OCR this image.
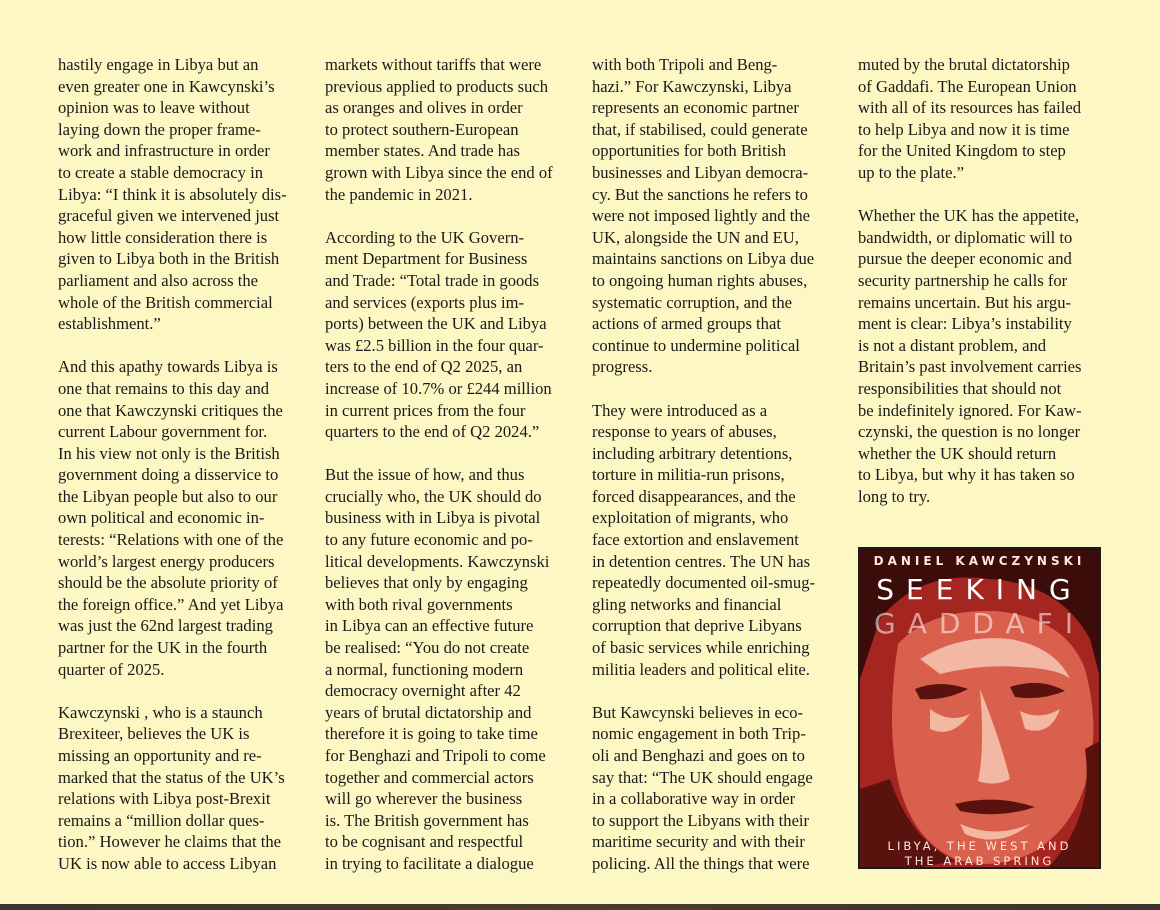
hastily engage in Libya but an
even greater one in Kawcynski’s
opinion was to leave without
laying down the proper frame-
work and infrastructure in order
to create a stable democracy in
Libya: “I think it is absolutely dis-
graceful given we intervened just
how little consideration there is
given to Libya both in the British
parliament and also across the
whole of the British commercial
establishment.”

And this apathy towards Libya is
one that remains to this day and
one that Kawczynski critiques the
current Labour government for.
In his view not only is the British
government doing a disservice to
the Libyan people but also to our
own political and economic in-
terests: “Relations with one of the
world’s largest energy producers
should be the absolute priority of
the foreign office.” And yet Libya
was just the 62nd largest trading
partner for the UK in the fourth
quarter of 2025.

Kawczynski , who is a staunch
Brexiteer, believes the UK is
missing an opportunity and re-
marked that the status of the UK’s
relations with Libya post-Brexit
remains a “million dollar ques-
tion.” However he claims that the
UK is now able to access Libyan

markets without tariffs that were
previous applied to products such
as oranges and olives in order
to protect southern-European
member states. And trade has
grown with Libya since the end of
the pandemic in 2021.

According to the UK Govern-
ment Department for Business
and Trade: “Total trade in goods
and services (exports plus im-
ports) between the UK and Libya
was £2.5 billion in the four quar-
ters to the end of Q2 2025, an
increase of 10.7% or £244 million
in current prices from the four
quarters to the end of Q2 2024.”

But the issue of how, and thus
crucially who, the UK should do
business with in Libya is pivotal
to any future economic and po-
litical developments. Kawczynski
believes that only by engaging
with both rival governments
in Libya can an effective future
be realised: “You do not create
a normal, functioning modern
democracy overnight after 42
years of brutal dictatorship and
therefore it is going to take time
for Benghazi and Tripoli to come
together and commercial actors
will go wherever the business
is. The British government has
to be cognisant and respectful
in trying to facilitate a dialogue

with both Tripoli and Beng-
hazi.” For Kawczynski, Libya
represents an economic partner
that, if stabilised, could generate
opportunities for both British
businesses and Libyan democra-
cy. But the sanctions he refers to
were not imposed lightly and the
UK, alongside the UN and EU,
maintains sanctions on Libya due
to ongoing human rights abuses,
systematic corruption, and the
actions of armed groups that
continue to undermine political
progress.

They were introduced as a
response to years of abuses,
including arbitrary detentions,
torture in militia-run prisons,
forced disappearances, and the
exploitation of migrants, who
face extortion and enslavement
in detention centres. The UN has
repeatedly documented oil-smug-
gling networks and financial
corruption that deprive Libyans
of basic services while enriching
militia leaders and political elite.

But Kawcynski believes in eco-
nomic engagement in both Trip-
oli and Benghazi and goes on to
say that: “The UK should engage
in a collaborative way in order
to support the Libyans with their
maritime security and with their
policing. All the things that were

muted by the brutal dictatorship
of Gaddafi. The European Union
with all of its resources has failed
to help Libya and now it is time
for the United Kingdom to step
up to the plate.”

Whether the UK has the appetite,
bandwidth, or diplomatic will to
pursue the deeper economic and
security partnership he calls for
remains uncertain. But his argu-
ment is clear: Libya’s instability
is not a distant problem, and
Britain’s past involvement carries
responsibilities that should not
be indefinitely ignored. For Kaw-
czynski, the question is no longer
whether the UK should return
to Libya, but why it has taken so
long to try.

DANIEL KAWCZYNSKI
SEEKING
GADDAFI
LIBYA, THE WEST AND
THE ARAB SPRING
